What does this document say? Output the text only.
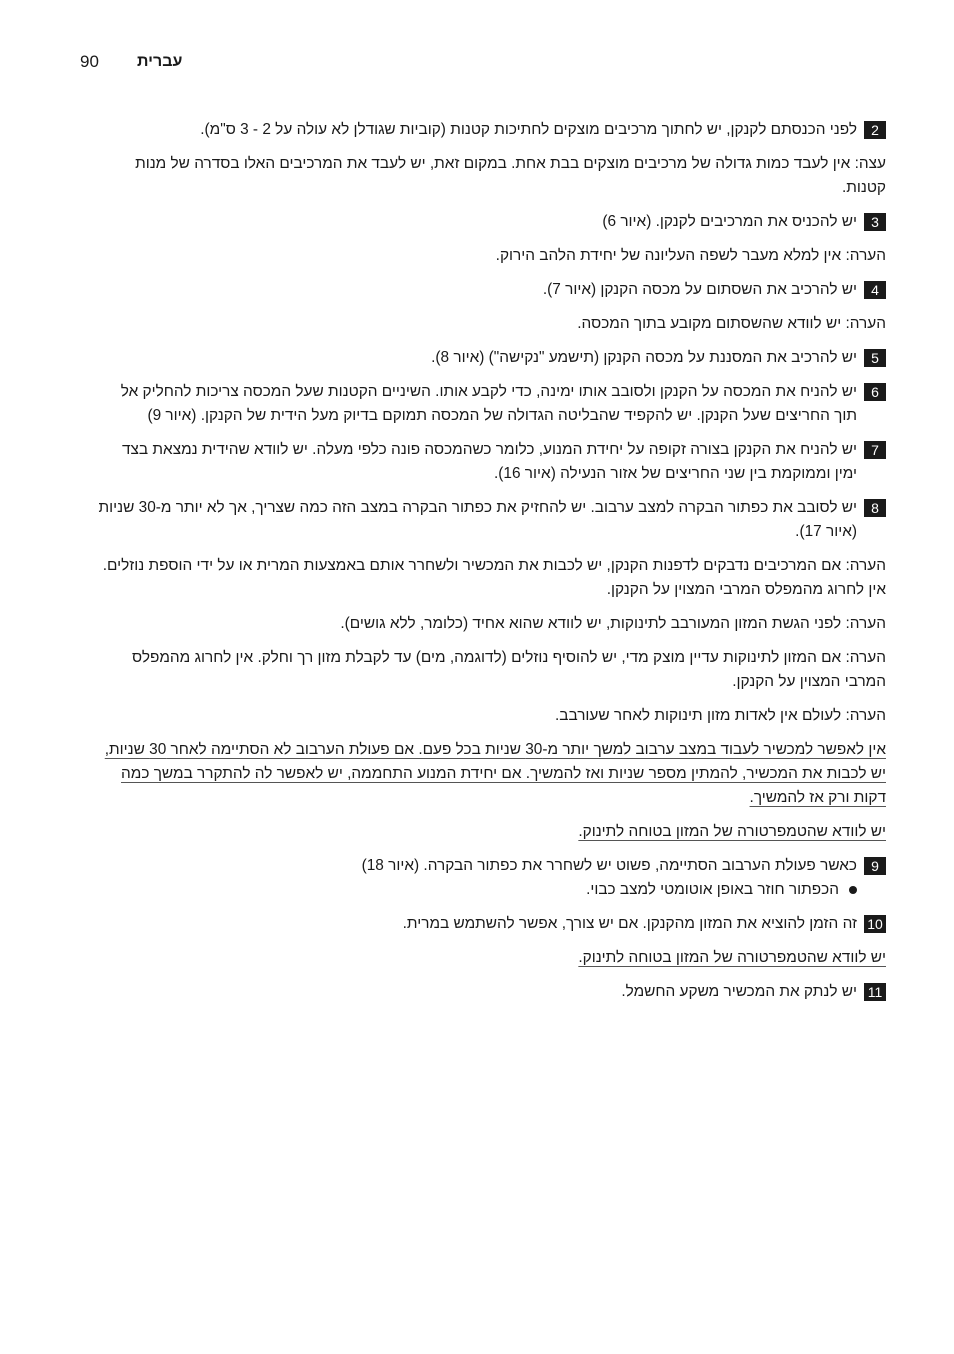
90 עברית
2
לפני הכנסתם לקנקן, יש לחתוך מרכיבים מוצקים לחתיכות קטנות (קוביות שגודלן לא עולה על 2 - 3 ס"מ).
עצה: אין לעבד כמות גדולה של מרכיבים מוצקים בבת אחת. במקום זאת, יש לעבד את המרכיבים האלו בסדרה של מנות קטנות.
3
יש להכניס את המרכיבים לקנקן. (איור 6)
הערה: אין למלא מעבר לשפה העליונה של יחידת הלהב הירוק.
4
יש להרכיב את השסתום על מכסה הקנקן (איור 7).
הערה: יש לוודא שהשסתום מקובע בתוך המכסה.
5
יש להרכיב את המסננת על מכסה הקנקן (תישמע "נקישה") (איור 8).
6
יש להניח את המכסה על הקנקן ולסובב אותו ימינה, כדי לקבע אותו. השיניים הקטנות שעל המכסה צריכות להחליק אל תוך החריצים שעל הקנקן. יש להקפיד שהבליטה הגדולה של המכסה תמוקם בדיוק מעל הידית של הקנקן. (איור 9)
7
יש להניח את הקנקן בצורה זקופה על יחידת המנוע, כלומר כשהמכסה פונה כלפי מעלה. יש לוודא שהידית נמצאת בצד ימין וממוקמת בין שני החריצים של אזור הנעילה (איור 16).
8
יש לסובב את כפתור הבקרה למצב ערבוב. יש להחזיק את כפתור הבקרה במצב הזה כמה שצריך, אך לא יותר מ-30 שניות (איור 17).
הערה: אם המרכיבים נדבקים לדפנות הקנקן, יש לכבות את המכשיר ולשחרר אותם באמצעות המרית או על ידי הוספת נוזלים. אין לחרוג מהמפלס המרבי המצוין על הקנקן.
הערה: לפני הגשת המזון המעורבב לתינוקות, יש לוודא שהוא אחיד (כלומר, ללא גושים).
הערה: אם המזון לתינוקות עדיין מוצק מדי, יש להוסיף נוזלים (לדוגמה, מים) עד לקבלת מזון רך וחלק. אין לחרוג מהמפלס המרבי המצוין על הקנקן.
הערה: לעולם אין לאדות מזון תינוקות לאחר שעורבב.
אין לאפשר למכשיר לעבוד במצב ערבוב למשך יותר מ-30 שניות בכל פעם. אם פעולת הערבוב לא הסתיימה לאחר 30 שניות, יש לכבות את המכשיר, להמתין מספר שניות ואז להמשיך. אם יחידת המנוע התחממה, יש לאפשר לה להתקרר במשך כמה דקות ורק אז להמשיך.
יש לוודא שהטמפרטורה של המזון בטוחה לתינוק.
9
כאשר פעולת הערבוב הסתיימה, פשוט יש לשחרר את כפתור הבקרה. (איור 18)
הכפתור חוזר באופן אוטומטי למצב כבוי.
10
זה הזמן להוציא את המזון מהקנקן. אם יש צורך, אפשר להשתמש במרית.
יש לוודא שהטמפרטורה של המזון בטוחה לתינוק.
11
יש לנתק את המכשיר משקע החשמל.
